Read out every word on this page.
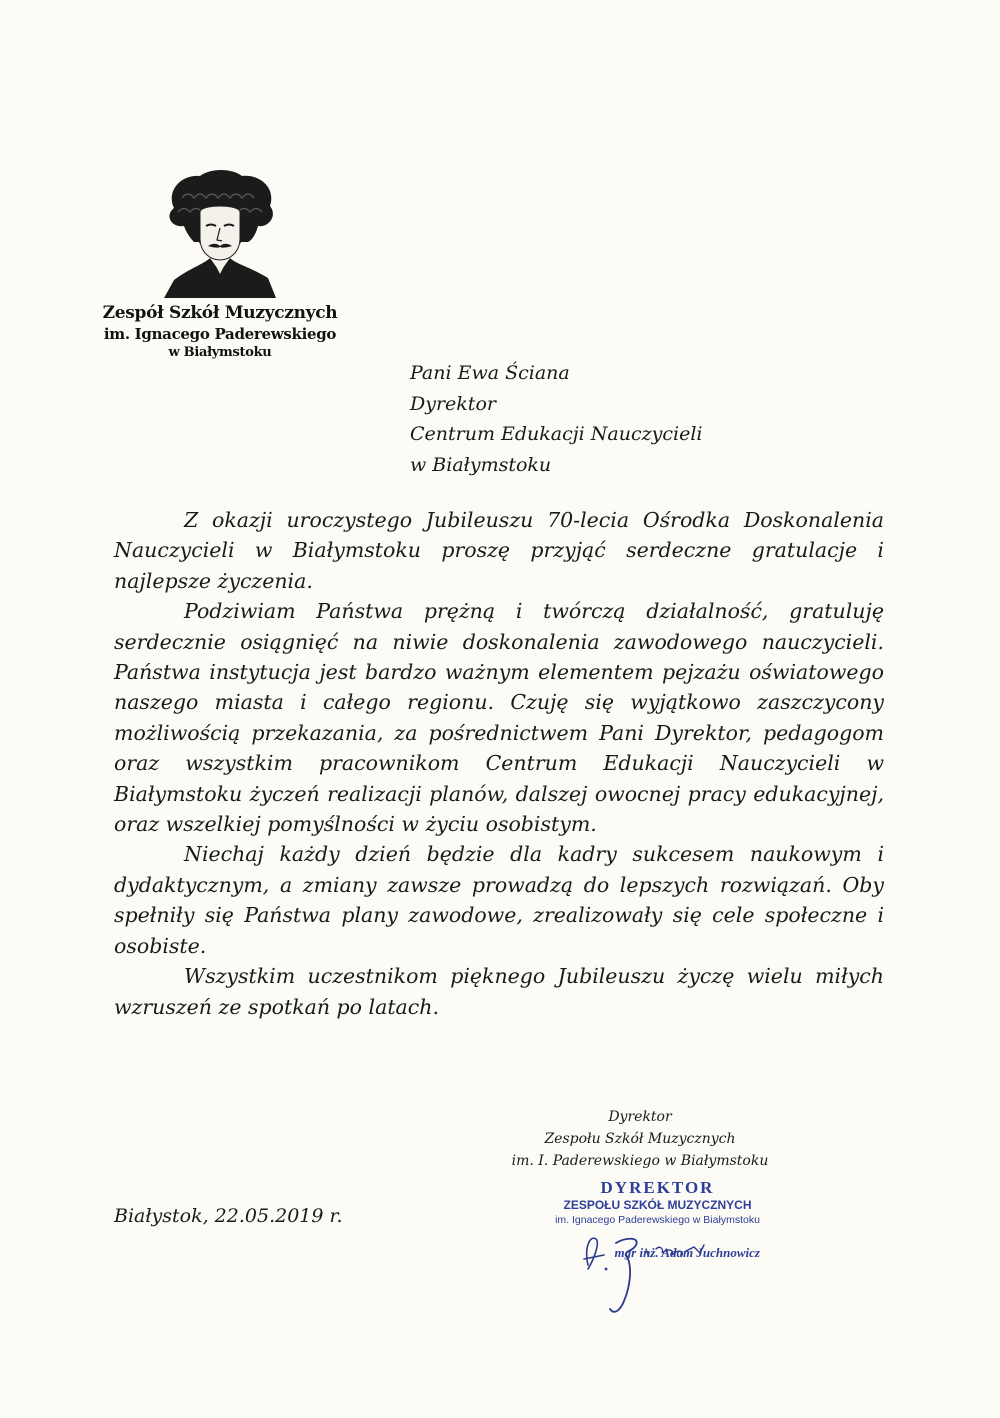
Zespół Szkół Muzycznych
im. Ignacego Paderewskiego
w Białymstoku
Pani Ewa Ściana
Dyrektor
Centrum Edukacji Nauczycieli
w Białymstoku

Z okazji uroczystego Jubileuszu 70-lecia Ośrodka Doskonalenia Nauczycieli w Białymstoku proszę przyjąć serdeczne gratulacje i najlepsze życzenia.

Podziwiam Państwa prężną i twórczą działalność, gratuluję serdecznie osiągnięć na niwie doskonalenia zawodowego nauczycieli. Państwa instytucja jest bardzo ważnym elementem pejzażu oświatowego naszego miasta i całego regionu. Czuję się wyjątkowo zaszczycony możliwością przekazania, za pośrednictwem Pani Dyrektor, pedagogom oraz wszystkim pracownikom Centrum Edukacji Nauczycieli w Białymstoku życzeń realizacji planów, dalszej owocnej pracy edukacyjnej, oraz wszelkiej pomyślności w życiu osobistym.

Niechaj każdy dzień będzie dla kadry sukcesem naukowym i dydaktycznym, a zmiany zawsze prowadzą do lepszych rozwiązań. Oby spełniły się Państwa plany zawodowe, zrealizowały się cele społeczne i osobiste.

Wszystkim uczestnikom pięknego Jubileuszu życzę wielu miłych wzruszeń ze spotkań po latach.

Dyrektor
Zespołu Szkół Muzycznych
im. I. Paderewskiego w Białymstoku
Białystok, 22.05.2019 r.
DYREKTOR
ZESPOŁU SZKÓŁ MUZYCZNYCH
im. Ignacego Paderewskiego w Białymstoku
mgr inż. Adam Juchnowicz
